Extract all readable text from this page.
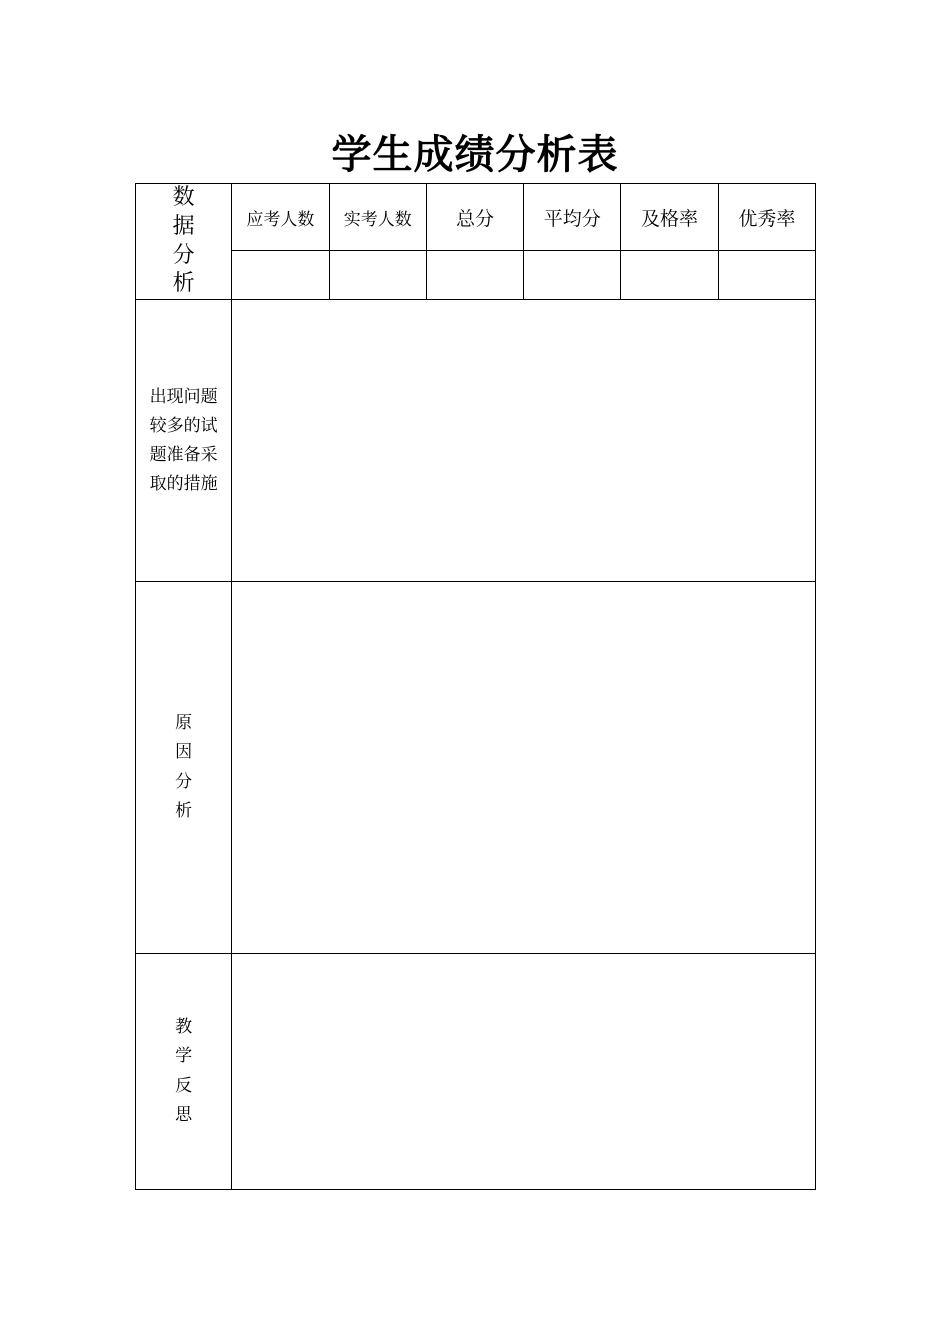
学生成绩分析表
数据分析	应考人数	实考人数	总分	平均分	及格率	优秀率

出现问题较多的试题准备采取的措施						
原因分析						
教学反思						
